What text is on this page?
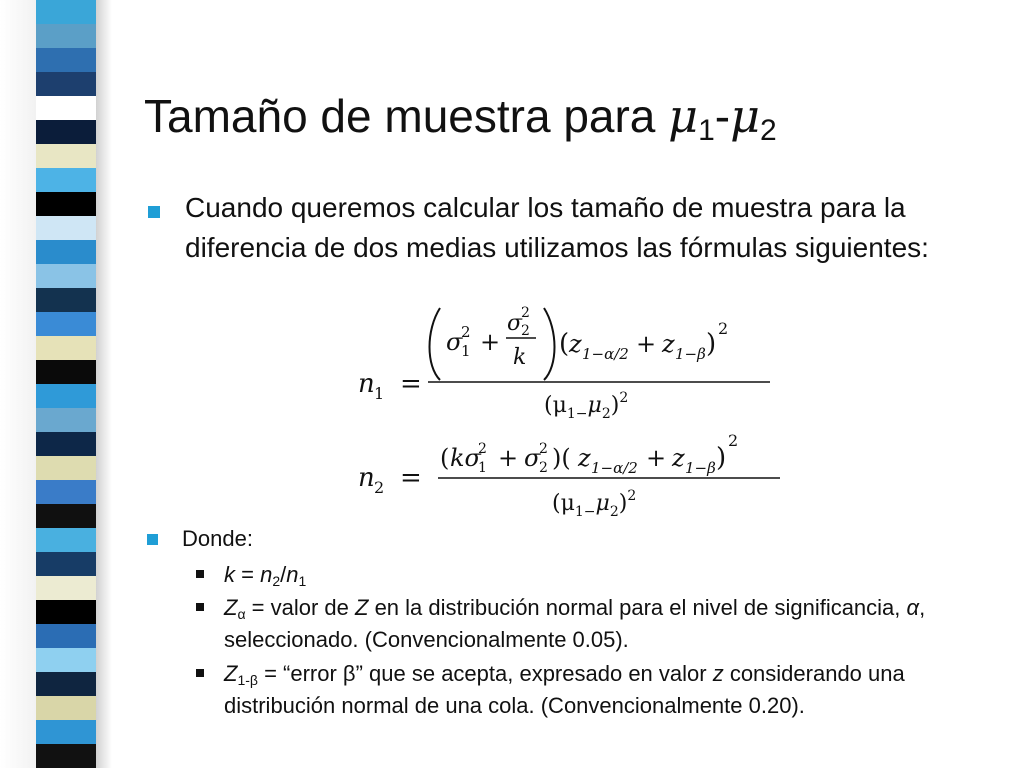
Tamaño de muestra para $\mu_1-\mu_2$
Cuando queremos calcular los tamaño de muestra para la diferencia de dos medias utilizamos las fórmulas siguientes:
n 1 =
σ
2
1 +
σ
2
2
k ( z 1−α/2 + z 1−β )
2
$(\mu_{1-}\mu_2)^2$
n 2 =
( kσ
2
1 + σ
2
2 )( z 1−α/2 + z 1−β )
2
$(\mu_{1-}\mu_2)^2$
Donde:
$k = n_2/n_1$
$Z_\alpha$ = valor de Z en la distribución normal para el nivel de significancia, α, seleccionado. (Convencionalmente 0.05).
$Z_{1-\beta}$ = “error β” que se acepta, expresado en valor z considerando una distribución normal de una cola. (Convencionalmente 0.20).
